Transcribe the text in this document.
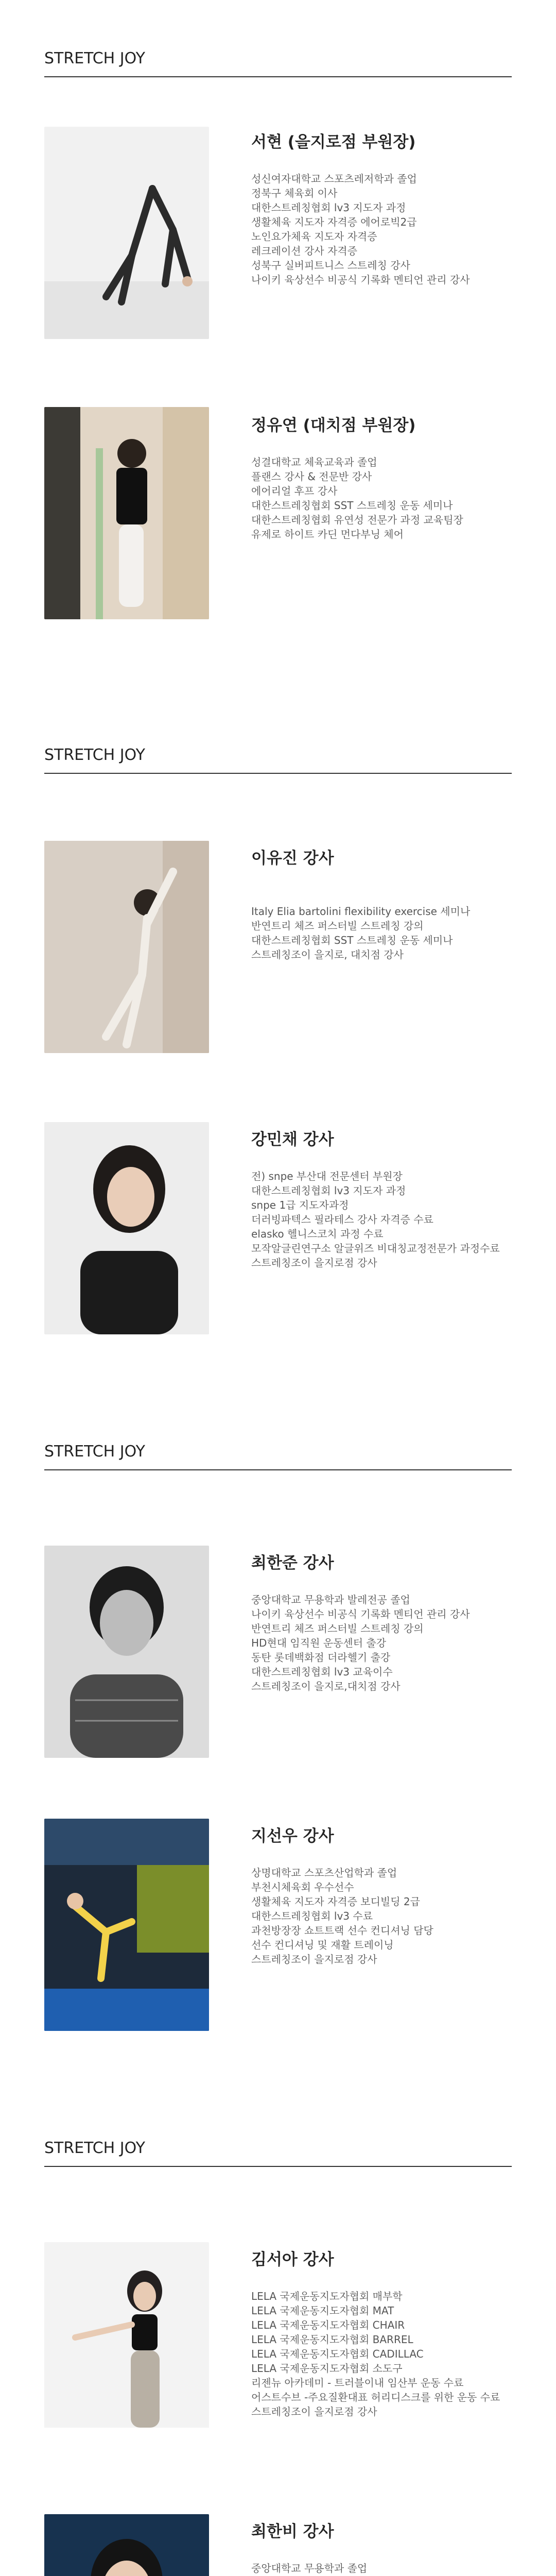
STRETCH JOY
서현 (을지로점 부원장)
성신여자대학교 스포츠레저학과 졸업
정북구 체육회 이사
대한스트레칭협회 lv3 지도자 과정
생활체육 지도자 자격증 에어로빅2급
노인요가체육 지도자 자격증
레크레이션 강사 자격증
성북구 실버피트니스 스트레칭 강사
나이키 육상선수 비공식 기록화 멘티언 관리 강사
정유연 (대치점 부원장)
성결대학교 체육교육과 졸업
플랜스 강사 & 전문반 강사
에어리얼 후프 강사
대한스트레칭협회 SST 스트레칭 운동 세미나
대한스트레칭협회 유연성 전문가 과정 교육팀장
유제로 하이트 카딘 먼다부닝 체어
STRETCH JOY
이유진 강사
Italy Elia bartolini flexibility exercise 세미나
반연트리 체즈 퍼스터빌 스트레칭 강의
대한스트레칭협회 SST 스트레칭 운동 세미나
스트레칭조이 을지로, 대치점 강사
강민채 강사
전) snpe 부산대 전문센터 부원장
대한스트레칭협회 lv3 지도자 과정
snpe 1급 지도자과정
더러빙파텍스 필라테스 강사 자격증 수료
elasko 헬니스코치 과정 수료
모작알글린연구소 알글위즈 비대칭교정전문가 과정수료
스트레칭조이 을지로점 강사
STRETCH JOY
최한준 강사
중앙대학교 무용학과 발레전공 졸업
나이키 육상선수 비공식 기록화 멘티언 관리 강사
반연트리 체즈 퍼스터빌 스트레칭 강의
HD현대 임직원 운동센터 출강
동탄 롯데백화점 더라헬기 출강
대한스트레칭협회 lv3 교육이수
스트레칭조이 을지로,대치점 강사
지선우 강사
상명대학교 스포츠산업학과 졸업
부천시체육회 우수선수
생활체육 지도자 자격증 보디빌딩 2급
대한스트레칭협회 lv3 수료
과천방장장 쇼트트랙 선수 컨디셔닝 담당
선수 컨디셔닝 및 재활 트레이닝
스트레칭조이 을지로점 강사
STRETCH JOY
김서아 강사
LELA 국제운동지도자협회 매부학
LELA 국제운동지도자협회 MAT
LELA 국제운동지도자협회 CHAIR
LELA 국제운동지도자협회 BARREL
LELA 국제운동지도자협회 CADILLAC
LELA 국제운동지도자협회 소도구
리젠뉴 아카데미 - 트러블이내 임산부 운동 수료
어스트수브 -주요질환대표 허리디스크를 위한 운동 수료
스트레칭조이 을지로점 강사
최한비 강사
중앙대학교 무용학과 졸업
